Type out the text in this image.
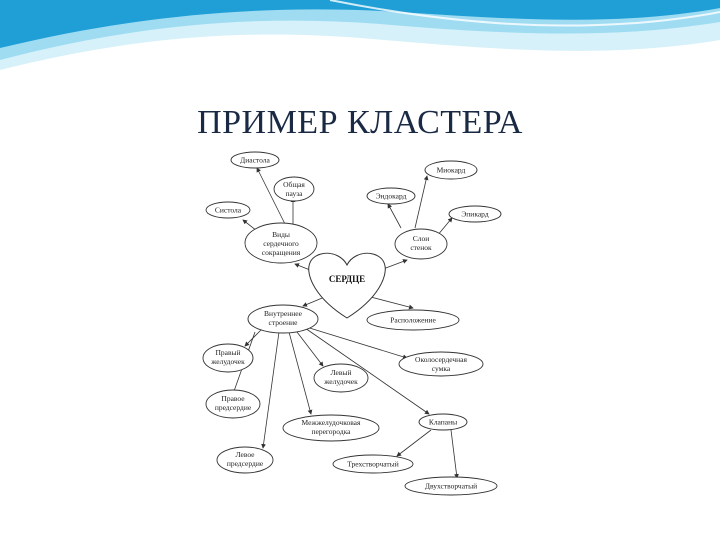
ПРИМЕР КЛАСТЕРА
СЕРДЦЕ
Диастола
Общая
пауза
Систола
Виды
сердечного
сокращения
Миокард
Эндокард
Эпикард
Слои
стенок
Внутреннее
строение	Расположение
Правый
желудочек
Левый
желудочек
Околосердечная
сумка
Правое
предсердие
Межжелудочковая
перегородка
Клапаны
Левое
предсердие	Трехстворчатый
Двухстворчатый
